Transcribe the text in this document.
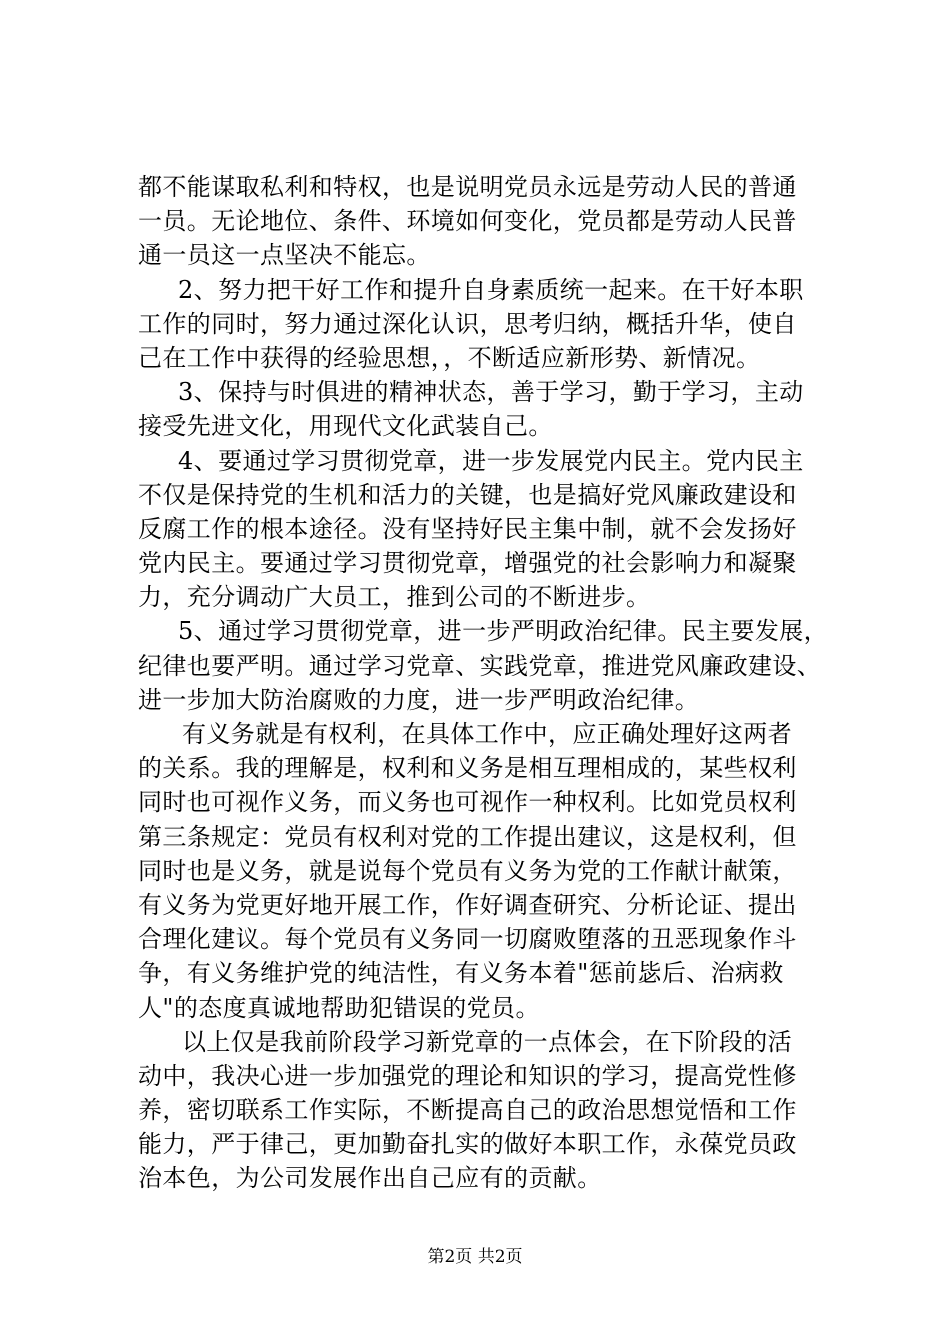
都不能谋取私利和特权，也是说明党员永远是劳动人民的普通
一员。无论地位、条件、环境如何变化，党员都是劳动人民普
通一员这一点坚决不能忘。
2、努力把干好工作和提升自身素质统一起来。在干好本职
工作的同时，努力通过深化认识，思考归纳，概括升华，使自
己在工作中获得的经验思想，，不断适应新形势、新情况。
3、保持与时俱进的精神状态，善于学习，勤于学习，主动
接受先进文化，用现代文化武装自己。
4、要通过学习贯彻党章，进一步发展党内民主。党内民主
不仅是保持党的生机和活力的关键，也是搞好党风廉政建设和
反腐工作的根本途径。没有坚持好民主集中制，就不会发扬好
党内民主。要通过学习贯彻党章，增强党的社会影响力和凝聚
力，充分调动广大员工，推到公司的不断进步。
5、通过学习贯彻党章，进一步严明政治纪律。民主要发展，
纪律也要严明。通过学习党章、实践党章，推进党风廉政建设、
进一步加大防治腐败的力度，进一步严明政治纪律。
有义务就是有权利，在具体工作中，应正确处理好这两者
的关系。我的理解是，权利和义务是相互理相成的，某些权利
同时也可视作义务，而义务也可视作一种权利。比如党员权利
第三条规定：党员有权利对党的工作提出建议，这是权利，但
同时也是义务，就是说每个党员有义务为党的工作献计献策，
有义务为党更好地开展工作，作好调查研究、分析论证、提出
合理化建议。每个党员有义务同一切腐败堕落的丑恶现象作斗
争，有义务维护党的纯洁性，有义务本着"惩前毖后、治病救
人"的态度真诚地帮助犯错误的党员。
以上仅是我前阶段学习新党章的一点体会，在下阶段的活
动中，我决心进一步加强党的理论和知识的学习，提高党性修
养，密切联系工作实际，不断提高自己的政治思想觉悟和工作
能力，严于律己，更加勤奋扎实的做好本职工作，永葆党员政
治本色，为公司发展作出自己应有的贡献。
第2页 共2页
